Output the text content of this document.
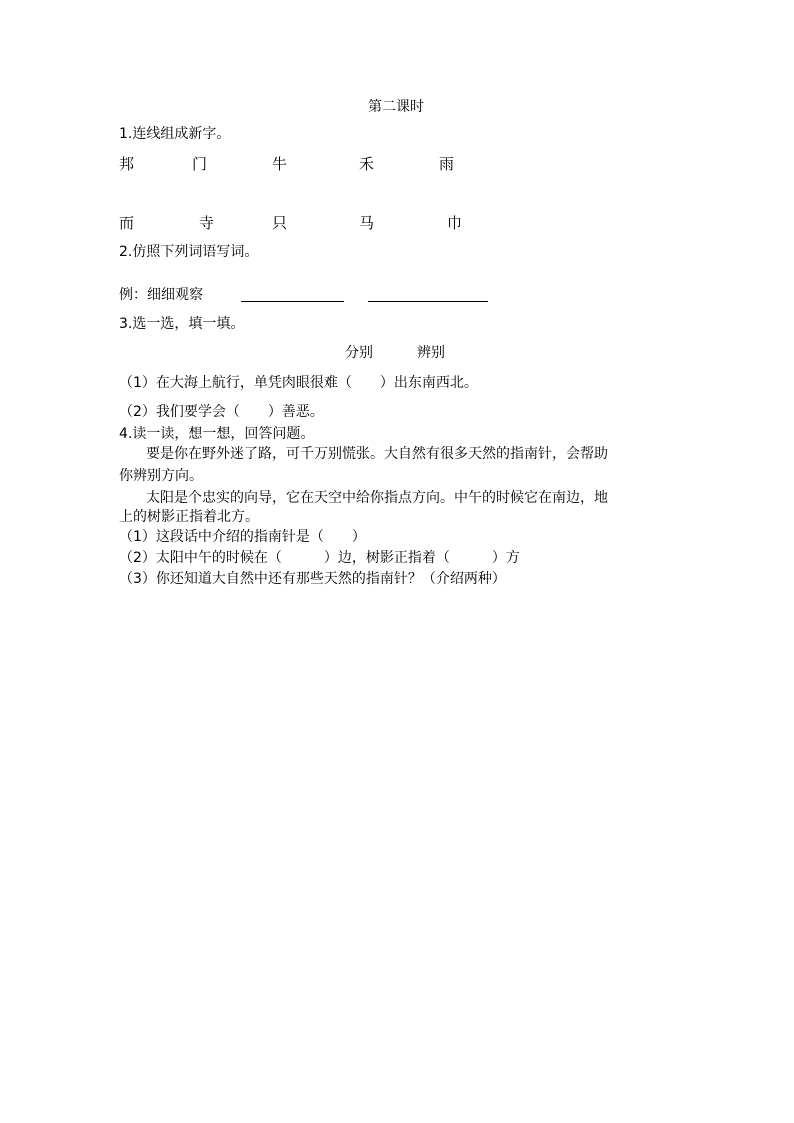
第二课时
1.连线组成新字。
邦	门	牛	禾	雨
而	寺	只	马	巾
2.仿照下列词语写词。
例：细细观察
3.选一选，填一填。
分别	辨别
（1）在大海上航行，单凭肉眼很难（　　）出东南西北。
（2）我们要学会（　　）善恶。
4.读一读，想一想，回答问题。
要是你在野外迷了路，可千万别慌张。大自然有很多天然的指南针，会帮助
你辨别方向。
太阳是个忠实的向导，它在天空中给你指点方向。中午的时候它在南边，地
上的树影正指着北方。
（1）这段话中介绍的指南针是（　　）
（2）太阳中午的时候在（　　　）边，树影正指着（　　　）方
（3）你还知道大自然中还有那些天然的指南针？（介绍两种）
